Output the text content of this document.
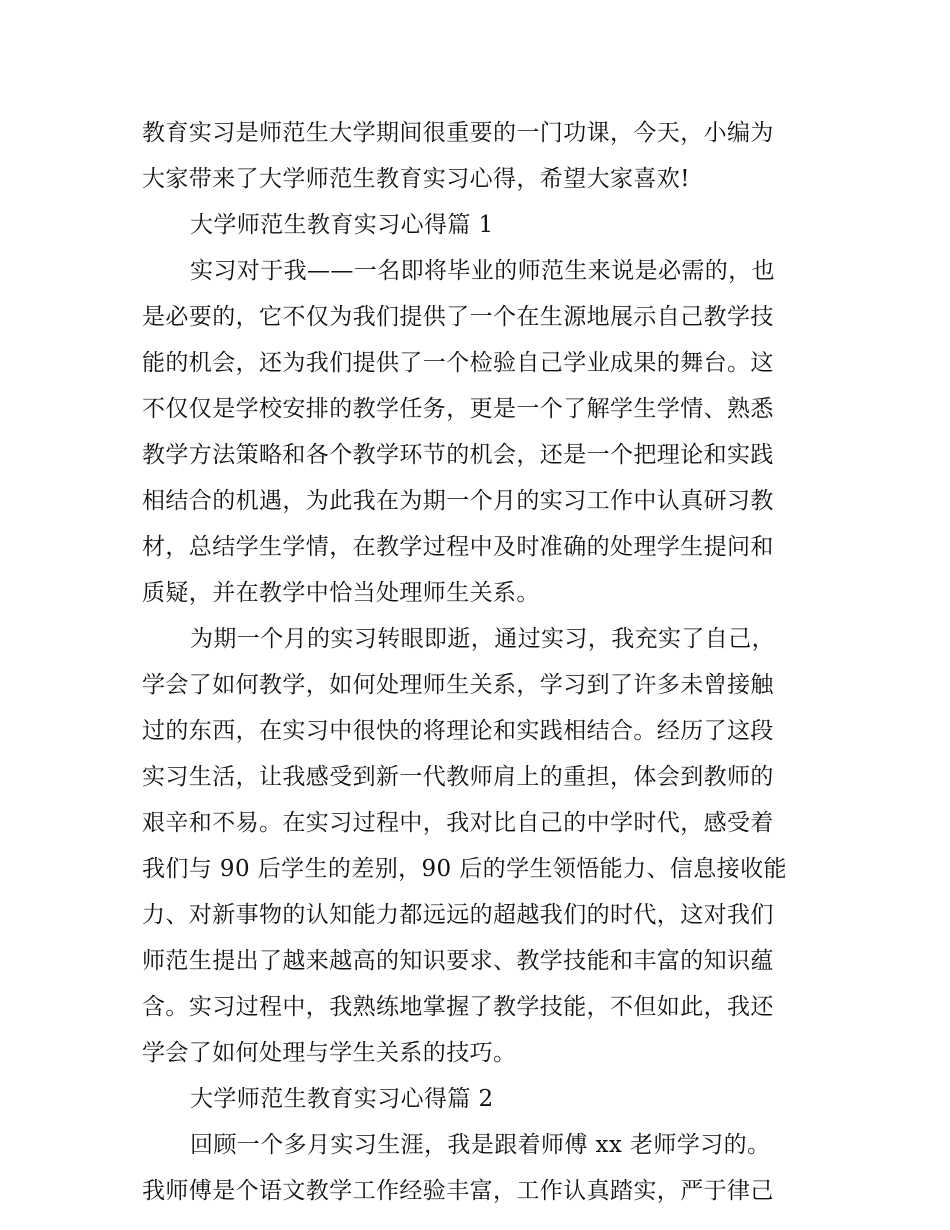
教育实习是师范生大学期间很重要的一门功课，今天，小编为
大家带来了大学师范生教育实习心得，希望大家喜欢!
大学师范生教育实习心得篇 1
实习对于我——一名即将毕业的师范生来说是必需的，也
是必要的，它不仅为我们提供了一个在生源地展示自己教学技
能的机会，还为我们提供了一个检验自己学业成果的舞台。这
不仅仅是学校安排的教学任务，更是一个了解学生学情、熟悉
教学方法策略和各个教学环节的机会，还是一个把理论和实践
相结合的机遇，为此我在为期一个月的实习工作中认真研习教
材，总结学生学情，在教学过程中及时准确的处理学生提问和
质疑，并在教学中恰当处理师生关系。
为期一个月的实习转眼即逝，通过实习，我充实了自己，
学会了如何教学，如何处理师生关系，学习到了许多未曾接触
过的东西，在实习中很快的将理论和实践相结合。经历了这段
实习生活，让我感受到新一代教师肩上的重担，体会到教师的
艰辛和不易。在实习过程中，我对比自己的中学时代，感受着
我们与 90 后学生的差别，90 后的学生领悟能力、信息接收能
力、对新事物的认知能力都远远的超越我们的时代，这对我们
师范生提出了越来越高的知识要求、教学技能和丰富的知识蕴
含。实习过程中，我熟练地掌握了教学技能，不但如此，我还
学会了如何处理与学生关系的技巧。
大学师范生教育实习心得篇 2
回顾一个多月实习生涯，我是跟着师傅 xx 老师学习的。
我师傅是个语文教学工作经验丰富，工作认真踏实，严于律己
